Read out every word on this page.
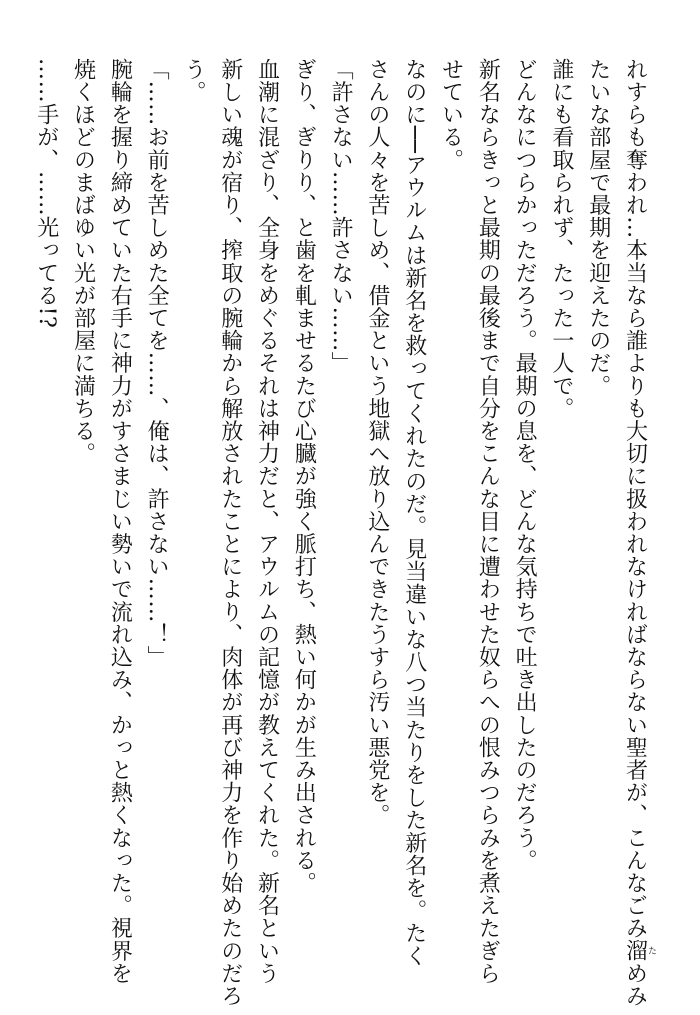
れすらも奪われ…本当なら誰よりも大切に扱われなければならない聖者が、こんなごみ溜ためみ
たいな部屋で最期を迎えたのだ。
誰にも看取られず、たった一人で。
どんなにつらかっただろう。最期の息を、どんな気持ちで吐き出したのだろう。
新名ならきっと最期の最後まで自分をこんな目に遭わせた奴らへの恨みつらみを煮えたぎら
せている。
なのに──アウルムは新名を救ってくれたのだ。見当違いな八つ当たりをした新名を。たく
さんの人々を苦しめ、借金という地獄へ放り込んできたうすら汚い悪党を。
「許さない……許さない……」
ぎり、ぎりり、と歯を軋ませるたび心臓が強く脈打ち、熱い何かが生み出される。
血潮に混ざり、全身をめぐるそれは神力だと、アウルムの記憶が教えてくれた。新名という
新しい魂が宿り、搾取の腕輪から解放されたことにより、肉体が再び神力を作り始めたのだろ
う。
「……お前を苦しめた全てを……、俺は、許さない……！」
腕輪を握り締めていた右手に神力がすさまじい勢いで流れ込み、かっと熱くなった。視界を
焼くほどのまばゆい光が部屋に満ちる。
……手が、……光ってる!?
